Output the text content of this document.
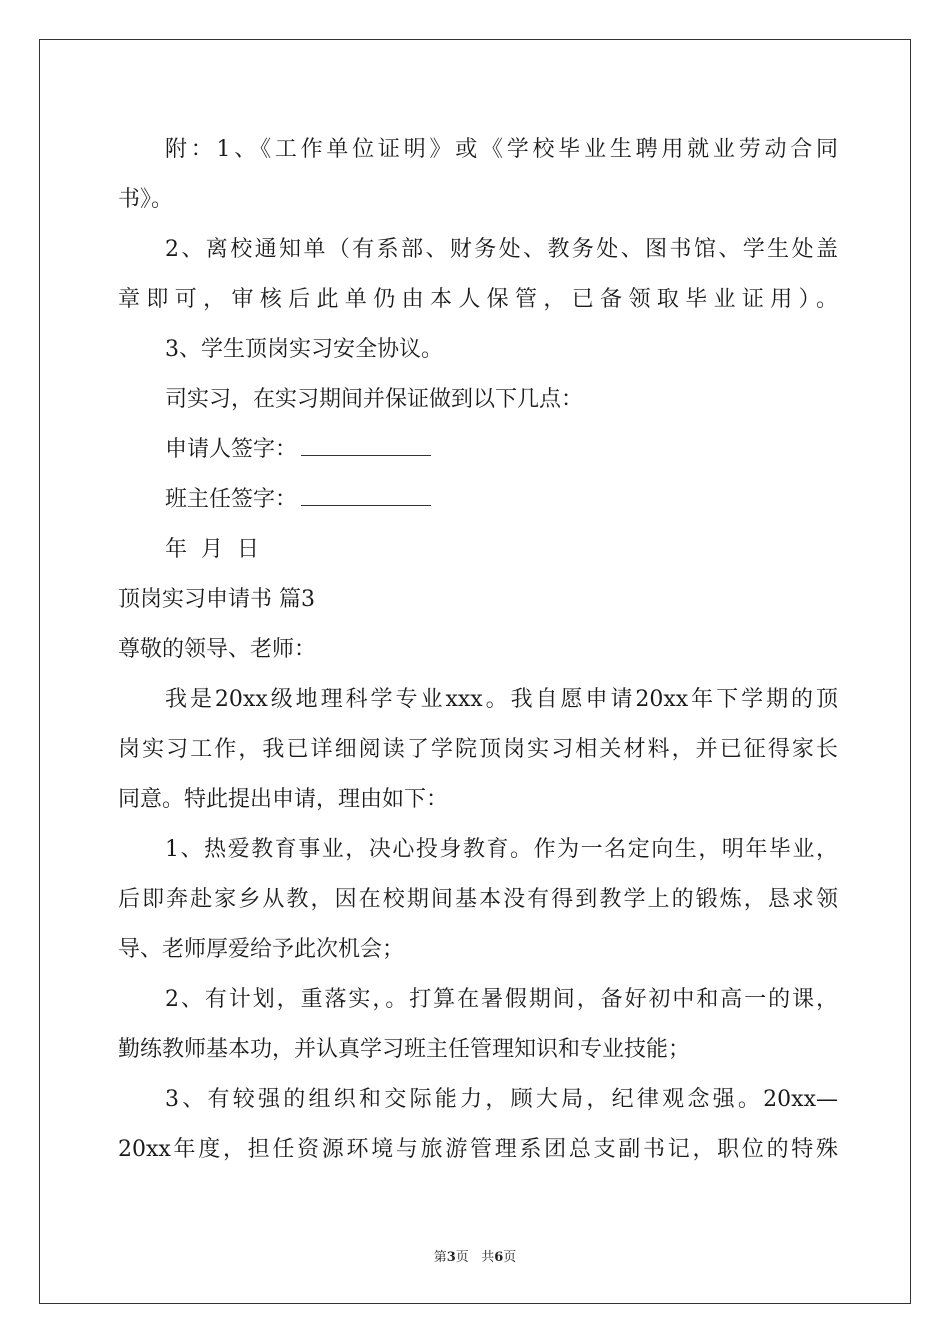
附：1、《工作单位证明》或《学校毕业生聘用就业劳动合同
书》。
2、离校通知单（有系部、财务处、教务处、图书馆、学生处盖
章即可，审核后此单仍由本人保管，已备领取毕业证用）。
3、学生顶岗实习安全协议。
司实习，在实习期间并保证做到以下几点：
申请人签字：
班主任签字：
年  月  日
顶岗实习申请书 篇3
尊敬的领导、老师：
我是20xx级地理科学专业xxx。我自愿申请20xx年下学期的顶
岗实习工作，我已详细阅读了学院顶岗实习相关材料，并已征得家长
同意。特此提出申请，理由如下：
1、热爱教育事业，决心投身教育。作为一名定向生，明年毕业，
后即奔赴家乡从教，因在校期间基本没有得到教学上的锻炼，恳求领
导、老师厚爱给予此次机会；
2、有计划，重落实，。打算在暑假期间，备好初中和高一的课，
勤练教师基本功，并认真学习班主任管理知识和专业技能；
3、有较强的组织和交际能力，顾大局，纪律观念强。20xx—
20xx年度，担任资源环境与旅游管理系团总支副书记，职位的特殊
第3页   共6页
